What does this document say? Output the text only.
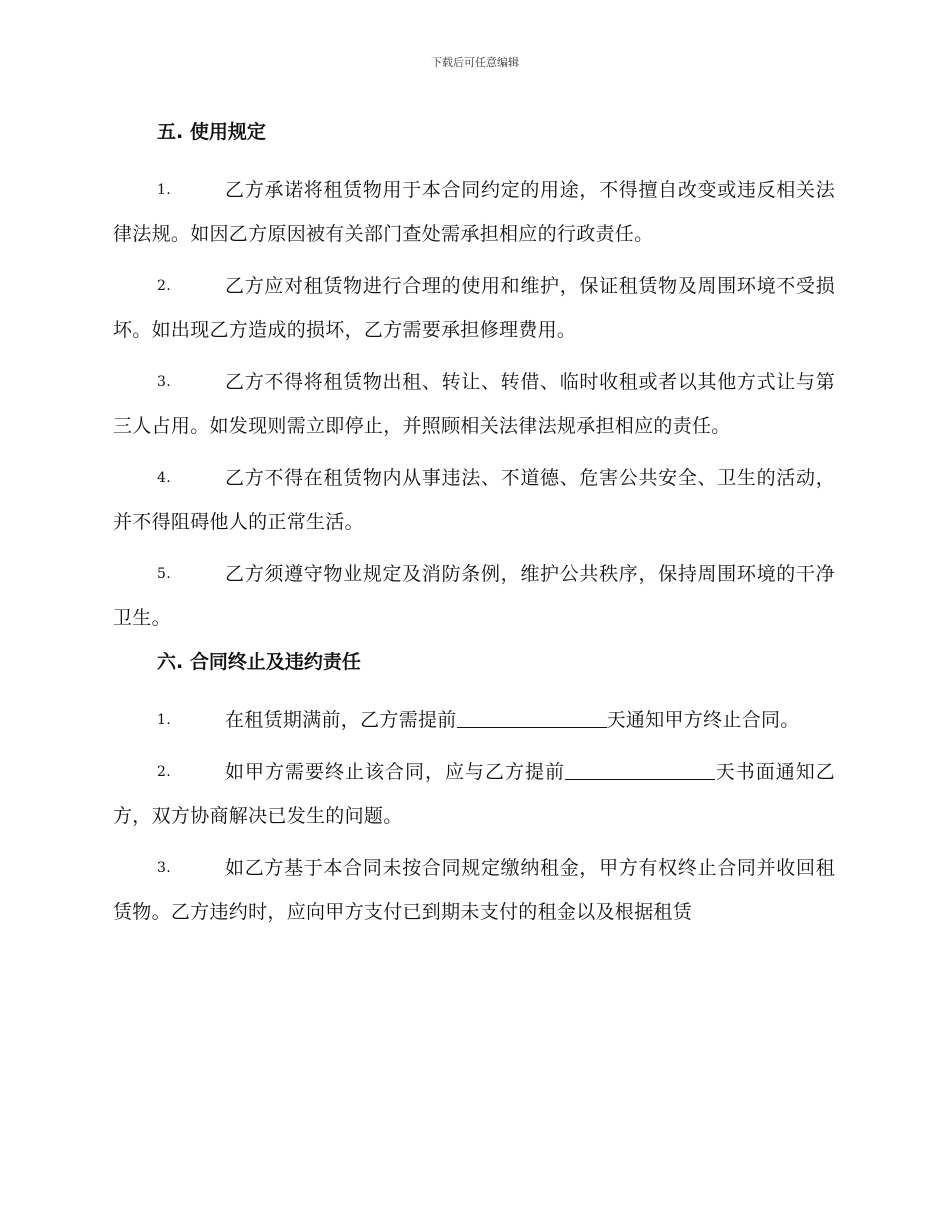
下载后可任意编辑
五. 使用规定
1.	乙方承诺将租赁物用于本合同约定的用途，不得擅自改变或违反相关法律法规。如因乙方原因被有关部门查处需承担相应的行政责任。
2.	乙方应对租赁物进行合理的使用和维护，保证租赁物及周围环境不受损坏。如出现乙方造成的损坏，乙方需要承担修理费用。
3.	乙方不得将租赁物出租、转让、转借、临时收租或者以其他方式让与第三人占用。如发现则需立即停止，并照顾相关法律法规承担相应的责任。
4.	乙方不得在租赁物内从事违法、不道德、危害公共安全、卫生的活动，并不得阻碍他人的正常生活。
5.	乙方须遵守物业规定及消防条例，维护公共秩序，保持周围环境的干净卫生。
六. 合同终止及违约责任
1.	在租赁期满前，乙方需提前	天通知甲方终止合同。
2.	如甲方需要终止该合同，应与乙方提前	天书面通知乙方，双方协商解决已发生的问题。
3.	如乙方基于本合同未按合同规定缴纳租金，甲方有权终止合同并收回租赁物。乙方违约时，应向甲方支付已到期未支付的租金以及根据租赁
